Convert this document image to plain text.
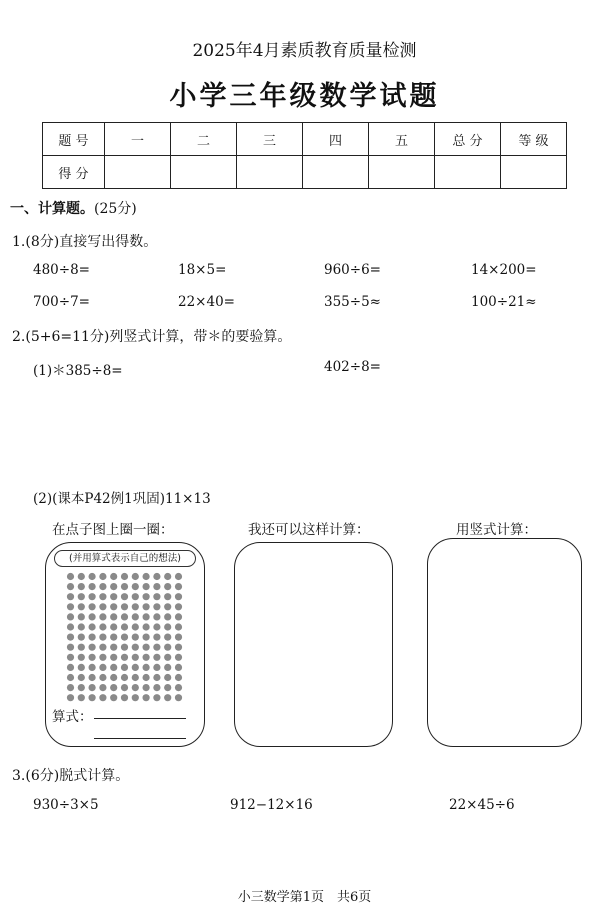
2025年4月素质教育质量检测
小学三年级数学试题
题 号	一	二	三	四	五	总 分	等 级
得 分							
一、计算题。(25分)
1.(8分)直接写出得数。
480÷8=	18×5=	960÷6=	14×200=
700÷7=	22×40=	355÷5≈	100÷21≈
2.(5+6=11分)列竖式计算，带＊的要验算。
(1)＊385÷8=	402÷8=
(2)(课本P42例1巩固)11×13
在点子图上圈一圈：	我还可以这样计算：	用竖式计算：
(并用算式表示自己的想法)
算式：
3.(6分)脱式计算。
930÷3×5	912−12×16	22×45÷6
小三数学第1页　共6页
